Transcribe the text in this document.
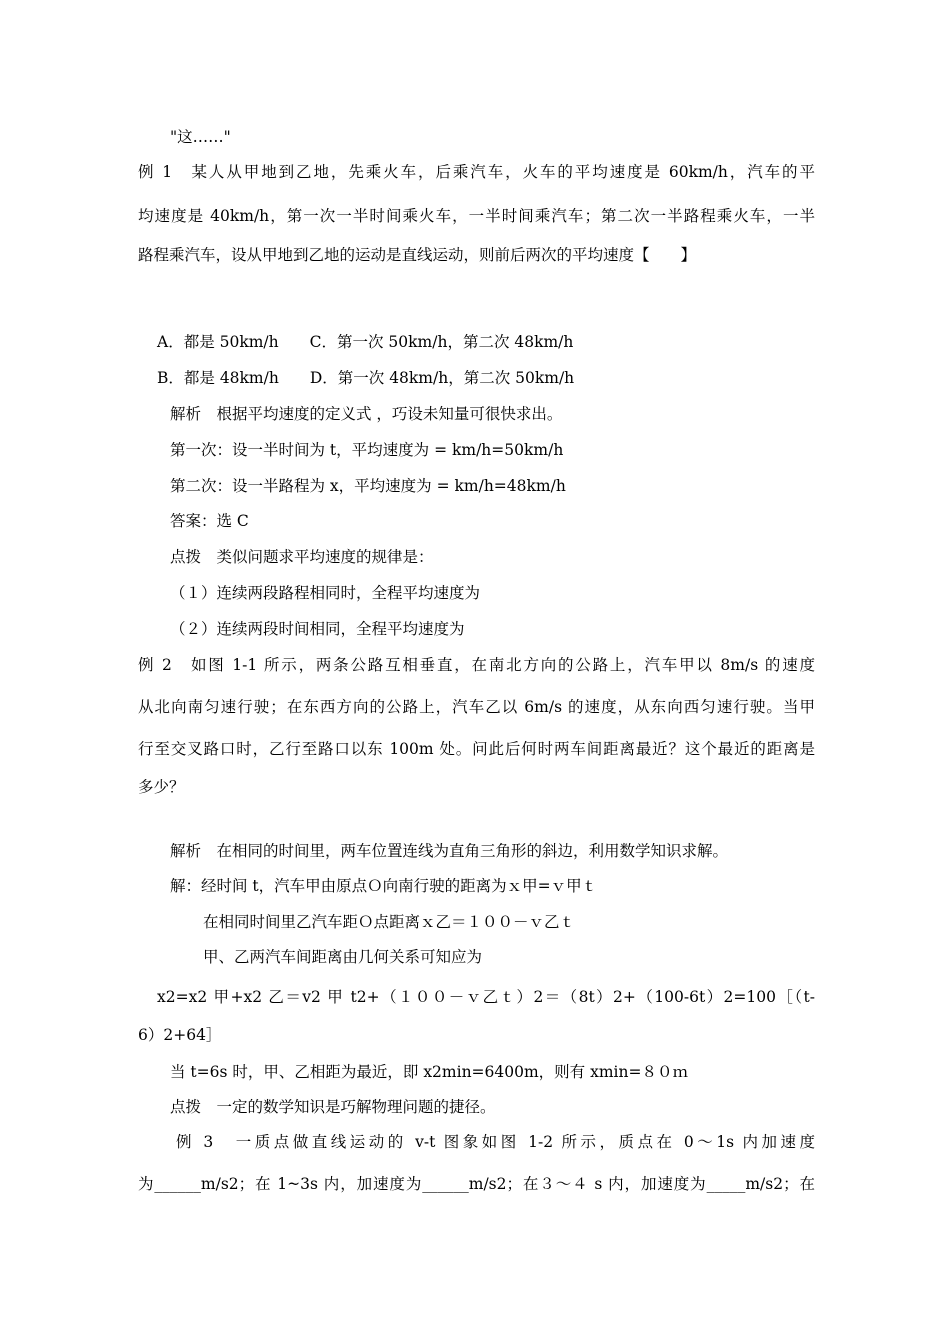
"这……"

例 1　某人从甲地到乙地，先乘火车，后乘汽车，火车的平均速度是 60km/h，汽车的平

均速度是 40km/h，第一次一半时间乘火车，一半时间乘汽车；第二次一半路程乘火车，一半

路程乘汽车，设从甲地到乙地的运动是直线运动，则前后两次的平均速度【　　】

A．都是 50km/h　　C．第一次 50km/h，第二次 48km/h

B．都是 48km/h　　D．第一次 48km/h，第二次 50km/h

解析　根据平均速度的定义式 ，巧设未知量可很快求出。

第一次：设一半时间为 t，平均速度为 = km/h=50km/h

第二次：设一半路程为 x，平均速度为 = km/h=48km/h

答案：选 C

点拨　类似问题求平均速度的规律是：

（１）连续两段路程相同时，全程平均速度为

（２）连续两段时间相同，全程平均速度为

例 2　如图 1-1 所示，两条公路互相垂直，在南北方向的公路上，汽车甲以 8m/s 的速度

从北向南匀速行驶；在东西方向的公路上，汽车乙以 6m/s 的速度，从东向西匀速行驶。当甲

行至交叉路口时，乙行至路口以东 100m 处。问此后何时两车间距离最近？这个最近的距离是

多少？

解析　在相同的时间里，两车位置连线为直角三角形的斜边，利用数学知识求解。

解：经时间 t，汽车甲由原点Ｏ向南行驶的距离为ｘ甲=ｖ甲ｔ

在相同时间里乙汽车距Ｏ点距离ｘ乙＝１００－ｖ乙ｔ

甲、乙两汽车间距离由几何关系可知应为

x2=x2 甲+x2 乙＝v2 甲 t2+（１００－ｖ乙ｔ）2＝（8t）2+（100-6t）2=100［（t-

6）2+64］

当 t=6s 时，甲、乙相距为最近，即 x2min=6400m，则有 xmin=８０ｍ

点拨　一定的数学知识是巧解物理问题的捷径。

例 3　一质点做直线运动的 v-t 图象如图 1-2 所示，质点在 0～1s 内加速度

为______m/s2；在 1~3s 内，加速度为______m/s2；在３～４ s 内，加速度为_____m/s2；在
